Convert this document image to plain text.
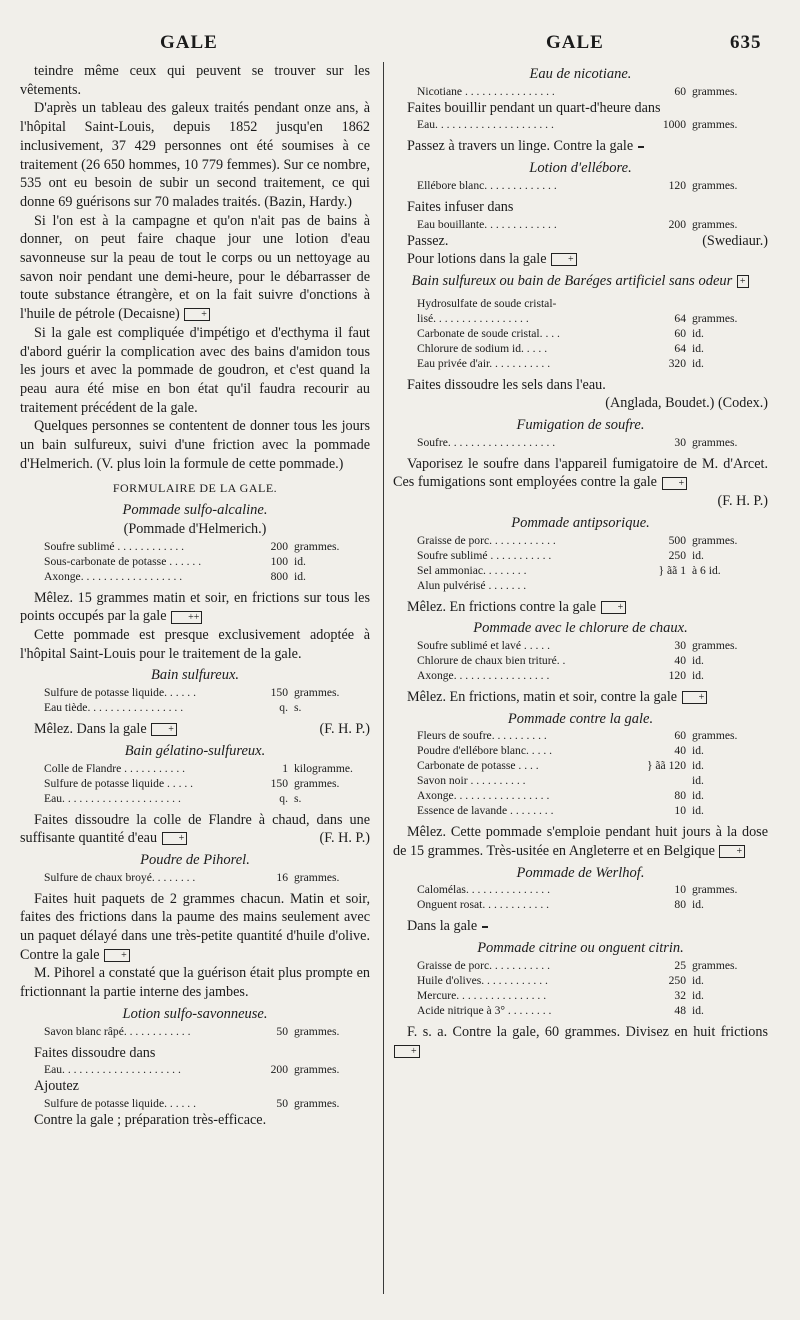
GALE	GALE	635

teindre même ceux qui peuvent se trouver sur les vêtements.

D'après un tableau des galeux traités pendant onze ans, à l'hôpital Saint-Louis, depuis 1852 jusqu'en 1862 inclusivement, 37 429 personnes ont été soumises à ce traitement (26 650 hommes, 10 779 femmes). Sur ce nombre, 535 ont eu besoin de subir un second traitement, ce qui donne 69 guérisons sur 70 malades traités. (Bazin, Hardy.)

Si l'on est à la campagne et qu'on n'ait pas de bains à donner, on peut faire chaque jour une lotion d'eau savonneuse sur la peau de tout le corps ou un nettoyage au savon noir pendant une demi-heure, pour le débarrasser de toute substance étrangère, et on la fait suivre d'onctions à l'huile de pétrole (Decaisne) +

Si la gale est compliquée d'impétigo et d'ecthyma il faut d'abord guérir la complication avec des bains d'amidon tous les jours et avec la pommade de goudron, et c'est quand la peau aura été mise en bon état qu'il faudra recourir au traitement précédent de la gale.

Quelques personnes se contentent de donner tous les jours un bain sulfureux, suivi d'une friction avec la pommade d'Helmerich. (V. plus loin la formule de cette pommade.)

FORMULAIRE DE LA GALE.

Pommade sulfo-alcaline.

(Pommade d'Helmerich.)

Soufre sublimé . . . . . . . . . . . .	200 grammes.
Sous-carbonate de potasse . . . . . .	100 id.
Axonge. . . . . . . . . . . . . . . . . .	800 id.

Mêlez. 15 grammes matin et soir, en frictions sur tous les points occupés par la gale ++

Cette pommade est presque exclusivement adoptée à l'hôpital Saint-Louis pour le traitement de la gale.

Bain sulfureux.

Sulfure de potasse liquide. . . . . .	150 grammes.
Eau tiède. . . . . . . . . . . . . . . . .	q. s.

Mêlez. Dans la gale +	(F. H. P.)

Bain gélatino-sulfureux.

Colle de Flandre . . . . . . . . . . .	1 kilogramme.
Sulfure de potasse liquide . . . . .	150 grammes.
Eau. . . . . . . . . . . . . . . . . . . . .	q. s.

Faites dissoudre la colle de Flandre à chaud, dans une suffisante quantité d'eau +	(F. H. P.)

Poudre de Pihorel.

Sulfure de chaux broyé. . . . . . . .	16 grammes.

Faites huit paquets de 2 grammes chacun. Matin et soir, faites des frictions dans la paume des mains seulement avec un paquet délayé dans une très-petite quantité d'huile d'olive. Contre la gale +

M. Pihorel a constaté que la guérison était plus prompte en frictionnant la partie interne des jambes.

Lotion sulfo-savonneuse.

Savon blanc râpé. . . . . . . . . . . .	50 grammes.

Faites dissoudre dans

Eau. . . . . . . . . . . . . . . . . . . . .	200 grammes.

Ajoutez

Sulfure de potasse liquide. . . . . .	50 grammes.

Contre la gale ; préparation très-efficace.

Eau de nicotiane.

Nicotiane . . . . . . . . . . . . . . . .	60 grammes.

Faites bouillir pendant un quart-d'heure dans

Eau. . . . . . . . . . . . . . . . . . . . .	1000 grammes.

Passez à travers un linge. Contre la gale

Lotion d'ellébore.

Ellébore blanc. . . . . . . . . . . . .	120 grammes.

Faites infuser dans

Eau bouillante. . . . . . . . . . . . .	200 grammes.

Passez.	(Swediaur.)

Pour lotions dans la gale +

Bain sulfureux ou bain de Baréges artificiel sans odeur +

Hydrosulfate de soude cristal-
lisé. . . . . . . . . . . . . . . . .	64 grammes.
Carbonate de soude cristal. . . .	60 id.
Chlorure de sodium id. . . . .	64 id.
Eau privée d'air. . . . . . . . . . .	320 id.

Faites dissoudre les sels dans l'eau.

(Anglada, Boudet.) (Codex.)

Fumigation de soufre.

Soufre. . . . . . . . . . . . . . . . . . .	30 grammes.

Vaporisez le soufre dans l'appareil fumigatoire de M. d'Arcet. Ces fumigations sont employées contre la gale +

(F. H. P.)

Pommade antipsorique.

Graisse de porc. . . . . . . . . . . .	500 grammes.
Soufre sublimé . . . . . . . . . . .	250 id.
Sel ammoniac. . . . . . . .	} ãã 1 à 6 id.
Alun pulvérisé . . . . . . .

Mêlez. En frictions contre la gale +

Pommade avec le chlorure de chaux.

Soufre sublimé et lavé . . . . .	30 grammes.
Chlorure de chaux bien trituré. .	40 id.
Axonge. . . . . . . . . . . . . . . . .	120 id.

Mêlez. En frictions, matin et soir, contre la gale +

Pommade contre la gale.

Fleurs de soufre. . . . . . . . . .	60 grammes.
Poudre d'ellébore blanc. . . . .	40 id.
Carbonate de potasse . . . .	} ãã 120 id.
Savon noir . . . . . . . . . .	id.
Axonge. . . . . . . . . . . . . . . . .	80 id.
Essence de lavande . . . . . . . .	10 id.

Mêlez. Cette pommade s'emploie pendant huit jours à la dose de 15 grammes. Très-usitée en Angleterre et en Belgique +

Pommade de Werlhof.

Calomélas. . . . . . . . . . . . . . .	10 grammes.
Onguent rosat. . . . . . . . . . . .	80 id.

Dans la gale

Pommade citrine ou onguent citrin.

Graisse de porc. . . . . . . . . . .	25 grammes.
Huile d'olives. . . . . . . . . . . .	250 id.
Mercure. . . . . . . . . . . . . . . .	32 id.
Acide nitrique à 3° . . . . . . . .	48 id.

F. s. a. Contre la gale, 60 grammes. Divisez en huit frictions +
